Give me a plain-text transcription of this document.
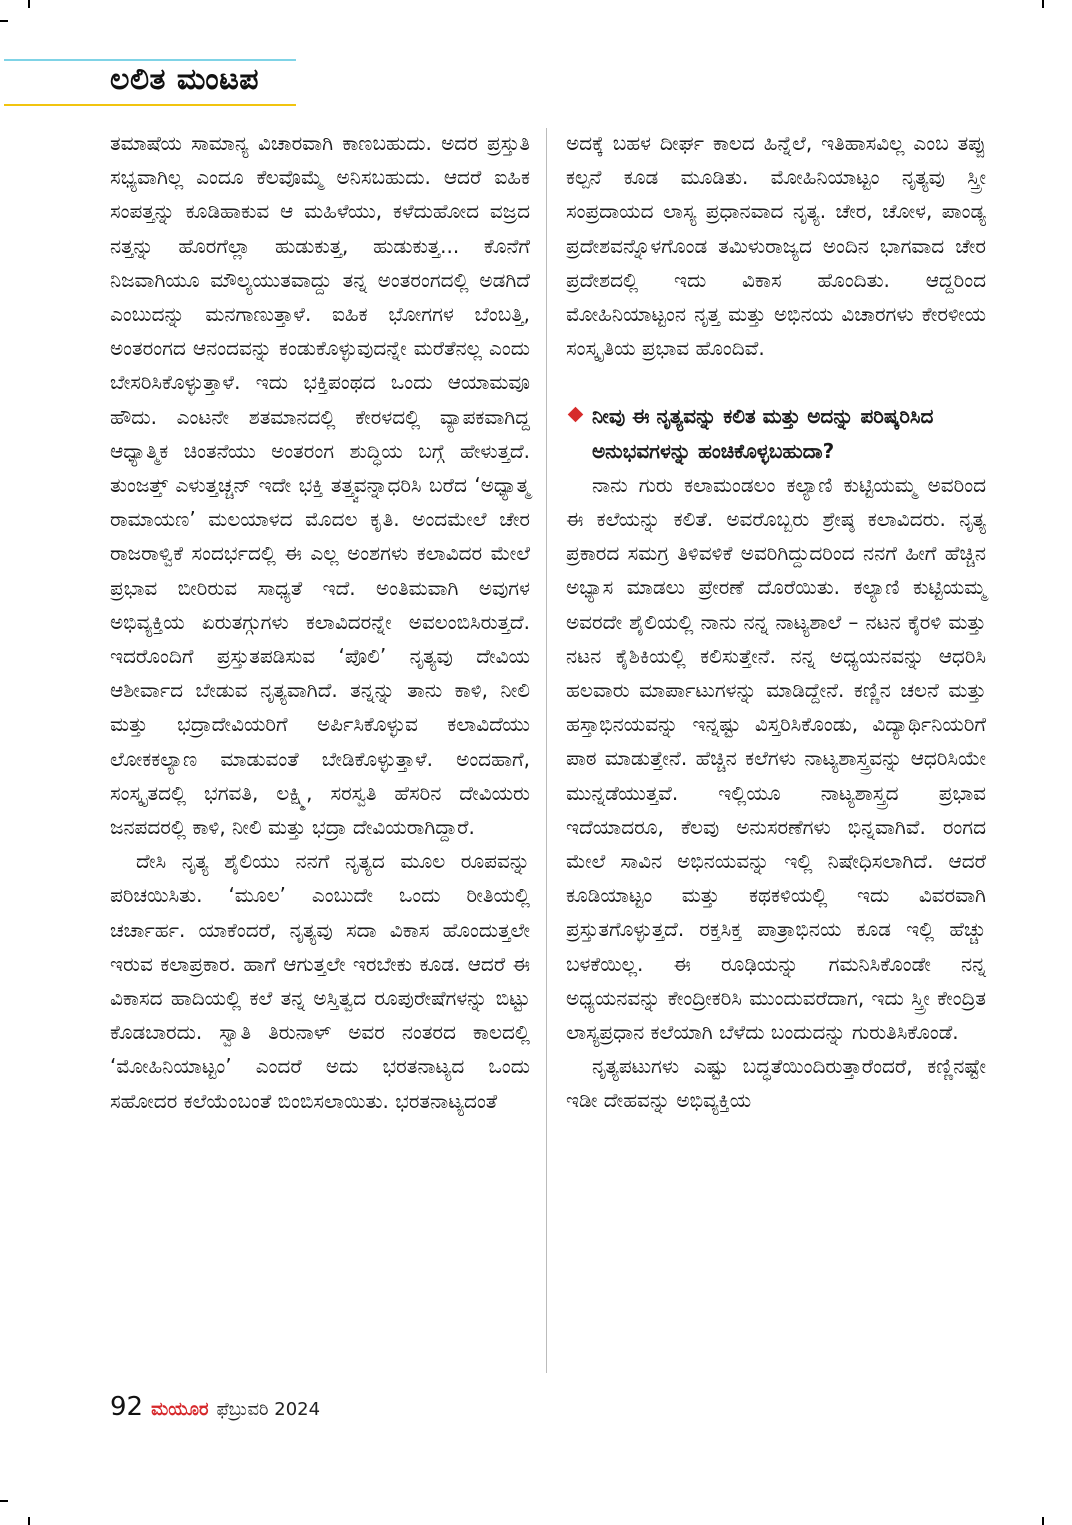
ಲಲಿತ ಮಂಟಪ

ತಮಾಷೆಯ ಸಾಮಾನ್ಯ ವಿಚಾರವಾಗಿ ಕಾಣಬಹುದು. ಅದರ ಪ್ರಸ್ತುತಿ ಸಭ್ಯವಾಗಿಲ್ಲ ಎಂದೂ ಕೆಲವೊಮ್ಮೆ ಅನಿಸಬಹುದು. ಆದರೆ ಐಹಿಕ ಸಂಪತ್ತನ್ನು ಕೂಡಿಹಾಕುವ ಆ ಮಹಿಳೆಯು, ಕಳೆದುಹೋದ ವಜ್ರದ ನತ್ತನ್ನು ಹೊರಗೆಲ್ಲಾ ಹುಡುಕುತ್ತ, ಹುಡುಕುತ್ತ... ಕೊನೆಗೆ ನಿಜವಾಗಿಯೂ ಮೌಲ್ಯಯುತವಾದ್ದು ತನ್ನ ಅಂತರಂಗದಲ್ಲಿ ಅಡಗಿದೆ ಎಂಬುದನ್ನು ಮನಗಾಣುತ್ತಾಳೆ. ಐಹಿಕ ಭೋಗಗಳ ಬೆಂಬತ್ತಿ, ಅಂತರಂಗದ ಆನಂದವನ್ನು ಕಂಡುಕೊಳ್ಳುವುದನ್ನೇ ಮರೆತೆನಲ್ಲ ಎಂದು ಬೇಸರಿಸಿಕೊಳ್ಳುತ್ತಾಳೆ. ಇದು ಭಕ್ತಿಪಂಥದ ಒಂದು ಆಯಾಮವೂ ಹೌದು. ಎಂಟನೇ ಶತಮಾನದಲ್ಲಿ ಕೇರಳದಲ್ಲಿ ವ್ಯಾಪಕವಾಗಿದ್ದ ಆಧ್ಯಾತ್ಮಿಕ ಚಿಂತನೆಯು ಅಂತರಂಗ ಶುದ್ಧಿಯ ಬಗ್ಗೆ ಹೇಳುತ್ತದೆ. ತುಂಜತ್ತ್ ಎಳುತ್ತಚ್ಚನ್ ಇದೇ ಭಕ್ತಿ ತತ್ತ್ವವನ್ನಾಧರಿಸಿ ಬರೆದ ‘ಅಧ್ಯಾತ್ಮ ರಾಮಾಯಣ’ ಮಲಯಾಳದ ಮೊದಲ ಕೃತಿ. ಅಂದಮೇಲೆ ಚೇರ ರಾಜರಾಳ್ವಿಕೆ ಸಂದರ್ಭದಲ್ಲಿ ಈ ಎಲ್ಲ ಅಂಶಗಳು ಕಲಾವಿದರ ಮೇಲೆ ಪ್ರಭಾವ ಬೀರಿರುವ ಸಾಧ್ಯತೆ ಇದೆ. ಅಂತಿಮವಾಗಿ ಅವುಗಳ ಅಭಿವ್ಯಕ್ತಿಯ ಏರುತಗ್ಗುಗಳು ಕಲಾವಿದರನ್ನೇ ಅವಲಂಬಿಸಿರುತ್ತದೆ. ಇದರೊಂದಿಗೆ ಪ್ರಸ್ತುತಪಡಿಸುವ ‘ಪೊಲಿ’ ನೃತ್ಯವು ದೇವಿಯ ಆಶೀರ್ವಾದ ಬೇಡುವ ನೃತ್ಯವಾಗಿದೆ. ತನ್ನನ್ನು ತಾನು ಕಾಳಿ, ನೀಲಿ ಮತ್ತು ಭದ್ರಾದೇವಿಯರಿಗೆ ಅರ್ಪಿಸಿಕೊಳ್ಳುವ ಕಲಾವಿದೆಯು ಲೋಕಕಲ್ಯಾಣ ಮಾಡುವಂತೆ ಬೇಡಿಕೊಳ್ಳುತ್ತಾಳೆ. ಅಂದಹಾಗೆ, ಸಂಸ್ಕೃತದಲ್ಲಿ ಭಗವತಿ, ಲಕ್ಷ್ಮಿ, ಸರಸ್ವತಿ ಹೆಸರಿನ ದೇವಿಯರು ಜನಪದರಲ್ಲಿ ಕಾಳಿ, ನೀಲಿ ಮತ್ತು ಭದ್ರಾ ದೇವಿಯರಾಗಿದ್ದಾರೆ.

ದೇಸಿ ನೃತ್ಯ ಶೈಲಿಯು ನನಗೆ ನೃತ್ಯದ ಮೂಲ ರೂಪವನ್ನು ಪರಿಚಯಿಸಿತು. ‘ಮೂಲ’ ಎಂಬುದೇ ಒಂದು ರೀತಿಯಲ್ಲಿ ಚರ್ಚಾರ್ಹ. ಯಾಕೆಂದರೆ, ನೃತ್ಯವು ಸದಾ ವಿಕಾಸ ಹೊಂದುತ್ತಲೇ ಇರುವ ಕಲಾಪ್ರಕಾರ. ಹಾಗೆ ಆಗುತ್ತಲೇ ಇರಬೇಕು ಕೂಡ. ಆದರೆ ಈ ವಿಕಾಸದ ಹಾದಿಯಲ್ಲಿ ಕಲೆ ತನ್ನ ಅಸ್ತಿತ್ವದ ರೂಪುರೇಷೆಗಳನ್ನು ಬಿಟ್ಟು ಕೊಡಬಾರದು. ಸ್ವಾತಿ ತಿರುನಾಳ್ ಅವರ ನಂತರದ ಕಾಲದಲ್ಲಿ ‘ಮೋಹಿನಿಯಾಟ್ಟಂ’ ಎಂದರೆ ಅದು ಭರತನಾಟ್ಯದ ಒಂದು ಸಹೋದರ ಕಲೆಯೆಂಬಂತೆ ಬಿಂಬಿಸಲಾಯಿತು. ಭರತನಾಟ್ಯದಂತೆ

ಅದಕ್ಕೆ ಬಹಳ ದೀರ್ಘ ಕಾಲದ ಹಿನ್ನೆಲೆ, ಇತಿಹಾಸವಿಲ್ಲ ಎಂಬ ತಪ್ಪು ಕಲ್ಪನೆ ಕೂಡ ಮೂಡಿತು. ಮೋಹಿನಿಯಾಟ್ಟಂ ನೃತ್ಯವು ಸ್ತ್ರೀ ಸಂಪ್ರದಾಯದ ಲಾಸ್ಯ ಪ್ರಧಾನವಾದ ನೃತ್ಯ. ಚೇರ, ಚೋಳ, ಪಾಂಡ್ಯ ಪ್ರದೇಶವನ್ನೊಳಗೊಂಡ ತಮಿಳುರಾಜ್ಯದ ಅಂದಿನ ಭಾಗವಾದ ಚೇರ ಪ್ರದೇಶದಲ್ಲಿ ಇದು ವಿಕಾಸ ಹೊಂದಿತು. ಆದ್ದರಿಂದ ಮೋಹಿನಿಯಾಟ್ಟಂನ ನೃತ್ತ ಮತ್ತು ಅಭಿನಯ ವಿಚಾರಗಳು ಕೇರಳೀಯ ಸಂಸ್ಕೃತಿಯ ಪ್ರಭಾವ ಹೊಂದಿವೆ.

ನೀವು ಈ ನೃತ್ಯವನ್ನು ಕಲಿತ ಮತ್ತು ಅದನ್ನು ಪರಿಷ್ಕರಿಸಿದ ಅನುಭವಗಳನ್ನು ಹಂಚಿಕೊಳ್ಳಬಹುದಾ?

ನಾನು ಗುರು ಕಲಾಮಂಡಲಂ ಕಲ್ಯಾಣಿ ಕುಟ್ಟಿಯಮ್ಮ ಅವರಿಂದ ಈ ಕಲೆಯನ್ನು ಕಲಿತೆ. ಅವರೊಬ್ಬರು ಶ್ರೇಷ್ಠ ಕಲಾವಿದರು. ನೃತ್ಯ ಪ್ರಕಾರದ ಸಮಗ್ರ ತಿಳಿವಳಿಕೆ ಅವರಿಗಿದ್ದುದರಿಂದ ನನಗೆ ಹೀಗೆ ಹೆಚ್ಚಿನ ಅಭ್ಯಾಸ ಮಾಡಲು ಪ್ರೇರಣೆ ದೊರೆಯಿತು. ಕಲ್ಯಾಣಿ ಕುಟ್ಟಿಯಮ್ಮ ಅವರದೇ ಶೈಲಿಯಲ್ಲಿ ನಾನು ನನ್ನ ನಾಟ್ಯಶಾಲೆ – ನಟನ ಕೈರಳಿ ಮತ್ತು ನಟನ ಕೈಶಿಕಿಯಲ್ಲಿ ಕಲಿಸುತ್ತೇನೆ. ನನ್ನ ಅಧ್ಯಯನವನ್ನು ಆಧರಿಸಿ ಹಲವಾರು ಮಾರ್ಪಾಟುಗಳನ್ನು ಮಾಡಿದ್ದೇನೆ. ಕಣ್ಣಿನ ಚಲನೆ ಮತ್ತು ಹಸ್ತಾಭಿನಯವನ್ನು ಇನ್ನಷ್ಟು ವಿಸ್ತರಿಸಿಕೊಂಡು, ವಿದ್ಯಾರ್ಥಿನಿಯರಿಗೆ ಪಾಠ ಮಾಡುತ್ತೇನೆ. ಹೆಚ್ಚಿನ ಕಲೆಗಳು ನಾಟ್ಯಶಾಸ್ತ್ರವನ್ನು ಆಧರಿಸಿಯೇ ಮುನ್ನಡೆಯುತ್ತವೆ. ಇಲ್ಲಿಯೂ ನಾಟ್ಯಶಾಸ್ತ್ರದ ಪ್ರಭಾವ ಇದೆಯಾದರೂ, ಕೆಲವು ಅನುಸರಣೆಗಳು ಭಿನ್ನವಾಗಿವೆ. ರಂಗದ ಮೇಲೆ ಸಾವಿನ ಅಭಿನಯವನ್ನು ಇಲ್ಲಿ ನಿಷೇಧಿಸಲಾಗಿದೆ. ಆದರೆ ಕೂಡಿಯಾಟ್ಟಂ ಮತ್ತು ಕಥಕಳಿಯಲ್ಲಿ ಇದು ವಿವರವಾಗಿ ಪ್ರಸ್ತುತಗೊಳ್ಳುತ್ತದೆ. ರಕ್ತಸಿಕ್ತ ಪಾತ್ರಾಭಿನಯ ಕೂಡ ಇಲ್ಲಿ ಹೆಚ್ಚು ಬಳಕೆಯಿಲ್ಲ. ಈ ರೂಢಿಯನ್ನು ಗಮನಿಸಿಕೊಂಡೇ ನನ್ನ ಅಧ್ಯಯನವನ್ನು ಕೇಂದ್ರೀಕರಿಸಿ ಮುಂದುವರೆದಾಗ, ಇದು ಸ್ತ್ರೀ ಕೇಂದ್ರಿತ ಲಾಸ್ಯಪ್ರಧಾನ ಕಲೆಯಾಗಿ ಬೆಳೆದು ಬಂದುದನ್ನು ಗುರುತಿಸಿಕೊಂಡೆ.

ನೃತ್ಯಪಟುಗಳು ಎಷ್ಟು ಬದ್ಧತೆಯಿಂದಿರುತ್ತಾರೆಂದರೆ, ಕಣ್ಣಿನಷ್ಟೇ ಇಡೀ ದೇಹವನ್ನು ಅಭಿವ್ಯಕ್ತಿಯ

92 ಮಯೂರ ಫೆಬ್ರುವರಿ 2024
